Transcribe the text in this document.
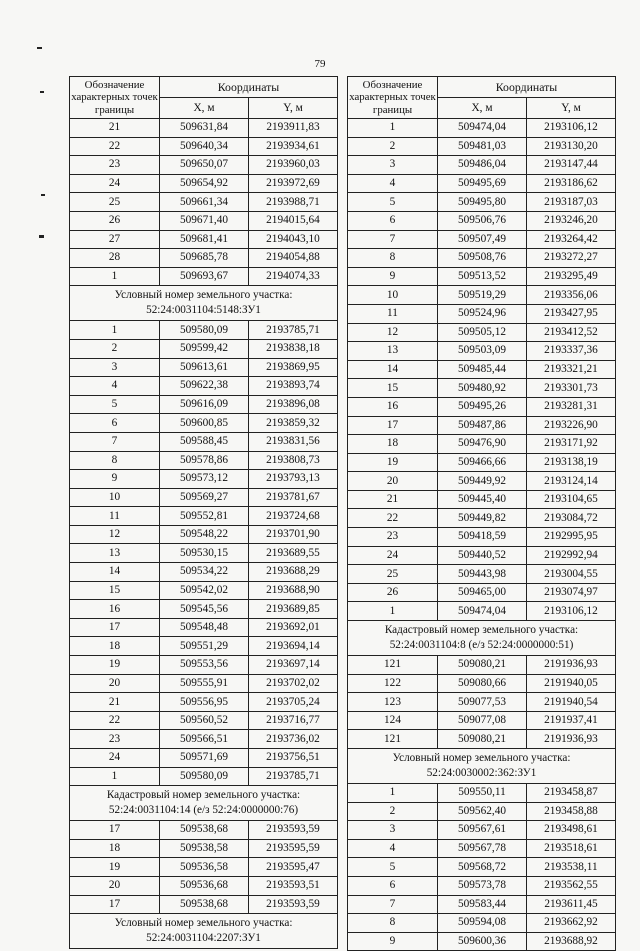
79
Обозначение характерных точек границы	Координаты	
	X, м	Y, м
21	509631,84	2193911,83
22	509640,34	2193934,61
23	509650,07	2193960,03
24	509654,92	2193972,69
25	509661,34	2193988,71
26	509671,40	2194015,64
27	509681,41	2194043,10
28	509685,78	2194054,88
1	509693,67	2194074,33
Условный номер земельного участка: 52:24:0031104:5148:ЗУ1		
1	509580,09	2193785,71
2	509599,42	2193838,18
3	509613,61	2193869,95
4	509622,38	2193893,74
5	509616,09	2193896,08
6	509600,85	2193859,32
7	509588,45	2193831,56
8	509578,86	2193808,73
9	509573,12	2193793,13
10	509569,27	2193781,67
11	509552,81	2193724,68
12	509548,22	2193701,90
13	509530,15	2193689,55
14	509534,22	2193688,29
15	509542,02	2193688,90
16	509545,56	2193689,85
17	509548,48	2193692,01
18	509551,29	2193694,14
19	509553,56	2193697,14
20	509555,91	2193702,02
21	509556,95	2193705,24
22	509560,52	2193716,77
23	509566,51	2193736,02
24	509571,69	2193756,51
1	509580,09	2193785,71
Кадастровый номер земельного участка: 52:24:0031104:14 (е/з 52:24:0000000:76)		
17	509538,68	2193593,59
18	509538,58	2193595,59
19	509536,58	2193595,47
20	509536,68	2193593,51
17	509538,68	2193593,59
Условный номер земельного участка: 52:24:0031104:2207:ЗУ1		
Обозначение характерных точек границы	Координаты	
	X, м	Y, м
1	509474,04	2193106,12
2	509481,03	2193130,20
3	509486,04	2193147,44
4	509495,69	2193186,62
5	509495,80	2193187,03
6	509506,76	2193246,20
7	509507,49	2193264,42
8	509508,76	2193272,27
9	509513,52	2193295,49
10	509519,29	2193356,06
11	509524,96	2193427,95
12	509505,12	2193412,52
13	509503,09	2193337,36
14	509485,44	2193321,21
15	509480,92	2193301,73
16	509495,26	2193281,31
17	509487,86	2193226,90
18	509476,90	2193171,92
19	509466,66	2193138,19
20	509449,92	2193124,14
21	509445,40	2193104,65
22	509449,82	2193084,72
23	509418,59	2192995,95
24	509440,52	2192992,94
25	509443,98	2193004,55
26	509465,00	2193074,97
1	509474,04	2193106,12
Кадастровый номер земельного участка: 52:24:0031104:8 (е/з 52:24:0000000:51)		
121	509080,21	2191936,93
122	509080,66	2191940,05
123	509077,53	2191940,54
124	509077,08	2191937,41
121	509080,21	2191936,93
Условный номер земельного участка: 52:24:0030002:362:ЗУ1		
1	509550,11	2193458,87
2	509562,40	2193458,88
3	509567,61	2193498,61
4	509567,78	2193518,61
5	509568,72	2193538,11
6	509573,78	2193562,55
7	509583,44	2193611,45
8	509594,08	2193662,92
9	509600,36	2193688,92
